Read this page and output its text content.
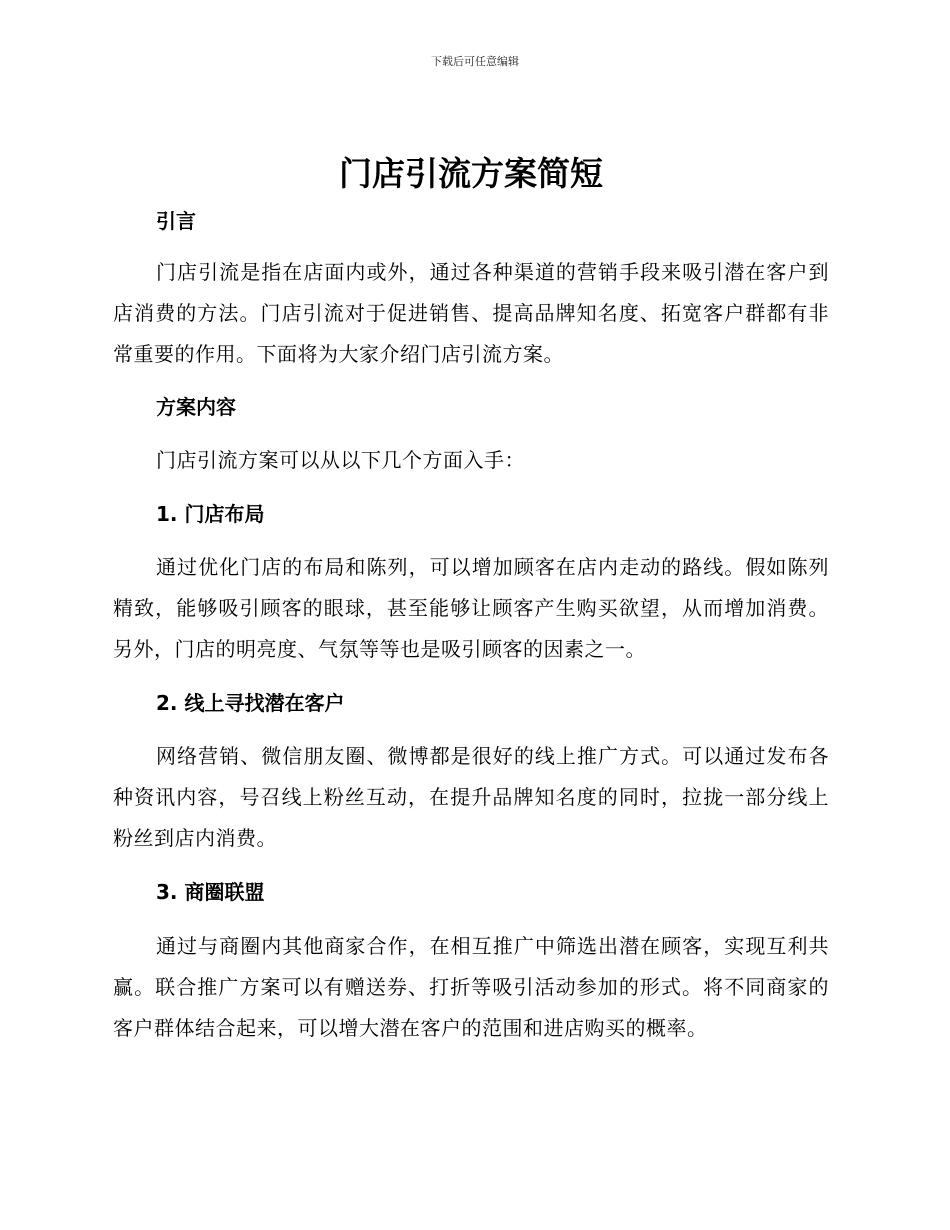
下载后可任意编辑
门店引流方案简短
引言

门店引流是指在店面内或外，通过各种渠道的营销手段来吸引潜在客户到店消费的方法。门店引流对于促进销售、提高品牌知名度、拓宽客户群都有非常重要的作用。下面将为大家介绍门店引流方案。

方案内容

门店引流方案可以从以下几个方面入手：

1. 门店布局

通过优化门店的布局和陈列，可以增加顾客在店内走动的路线。假如陈列精致，能够吸引顾客的眼球，甚至能够让顾客产生购买欲望，从而增加消费。另外，门店的明亮度、气氛等等也是吸引顾客的因素之一。

2. 线上寻找潜在客户

网络营销、微信朋友圈、微博都是很好的线上推广方式。可以通过发布各种资讯内容，号召线上粉丝互动，在提升品牌知名度的同时，拉拢一部分线上粉丝到店内消费。

3. 商圈联盟

通过与商圈内其他商家合作，在相互推广中筛选出潜在顾客，实现互利共赢。联合推广方案可以有赠送券、打折等吸引活动参加的形式。将不同商家的客户群体结合起来，可以增大潜在客户的范围和进店购买的概率。
